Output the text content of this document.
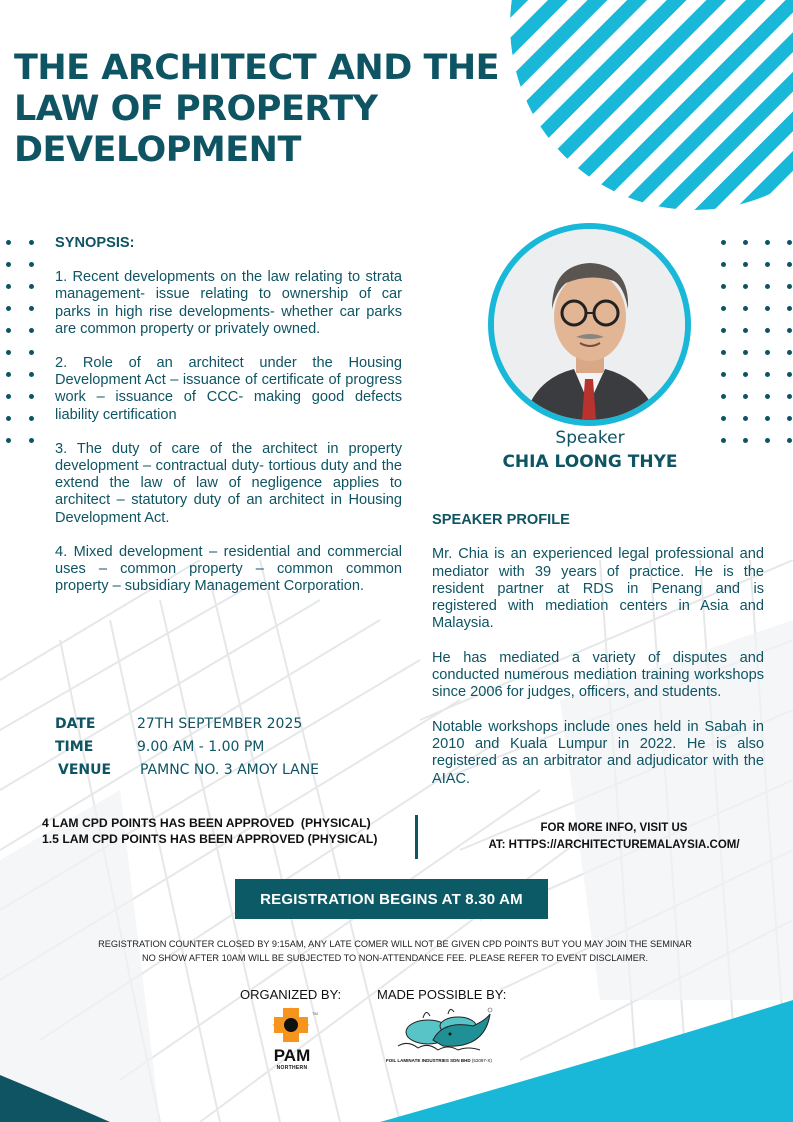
THE ARCHITECT AND THE LAW OF PROPERTY DEVELOPMENT
SYNOPSIS:

1. Recent developments on the law relating to strata management- issue relating to ownership of car parks in high rise developments- whether car parks are common property or privately owned.

2. Role of an architect under the Housing Development Act – issuance of certificate of progress work – issuance of CCC- making good defects liability certification

3. The duty of care of the architect in property development – contractual duty- tortious duty and the extend the law of law of negligence applies to architect – statutory duty of an architect in Housing Development Act.

4. Mixed development – residential and commercial uses – common property – common common property – subsidiary Management Corporation.

Speaker
CHIA LOONG THYE
SPEAKER PROFILE

Mr. Chia is an experienced legal professional and mediator with 39 years of practice. He is the resident partner at RDS in Penang and is registered with mediation centers in Asia and Malaysia.

He has mediated a variety of disputes and conducted numerous mediation training workshops since 2006 for judges, officers, and students.

Notable workshops include ones held in Sabah in 2010 and Kuala Lumpur in 2022. He is also registered as an arbitrator and adjudicator with the AIAC.

DATE	27TH SEPTEMBER 2025
TIME	9.00 AM - 1.00 PM
VENUE	PAMNC NO. 3 AMOY LANE
4 LAM CPD POINTS HAS BEEN APPROVED  (PHYSICAL)
1.5 LAM CPD POINTS HAS BEEN APPROVED (PHYSICAL)
FOR MORE INFO, VISIT US
AT: HTTPS://ARCHITECTUREMALAYSIA.COM/
REGISTRATION BEGINS AT 8.30 AM
REGISTRATION COUNTER CLOSED BY 9:15AM, ANY LATE COMER WILL NOT BE GIVEN CPD POINTS BUT YOU MAY JOIN THE SEMINAR
NO SHOW AFTER 10AM WILL BE SUBJECTED TO NON-ATTENDANCE FEE. PLEASE REFER TO EVENT DISCLAIMER.
ORGANIZED BY:	MADE POSSIBLE BY:
TM
PAM
NORTHERN
FOIL LAMINATE INDUSTRIES SDN BHD (52097-X)
